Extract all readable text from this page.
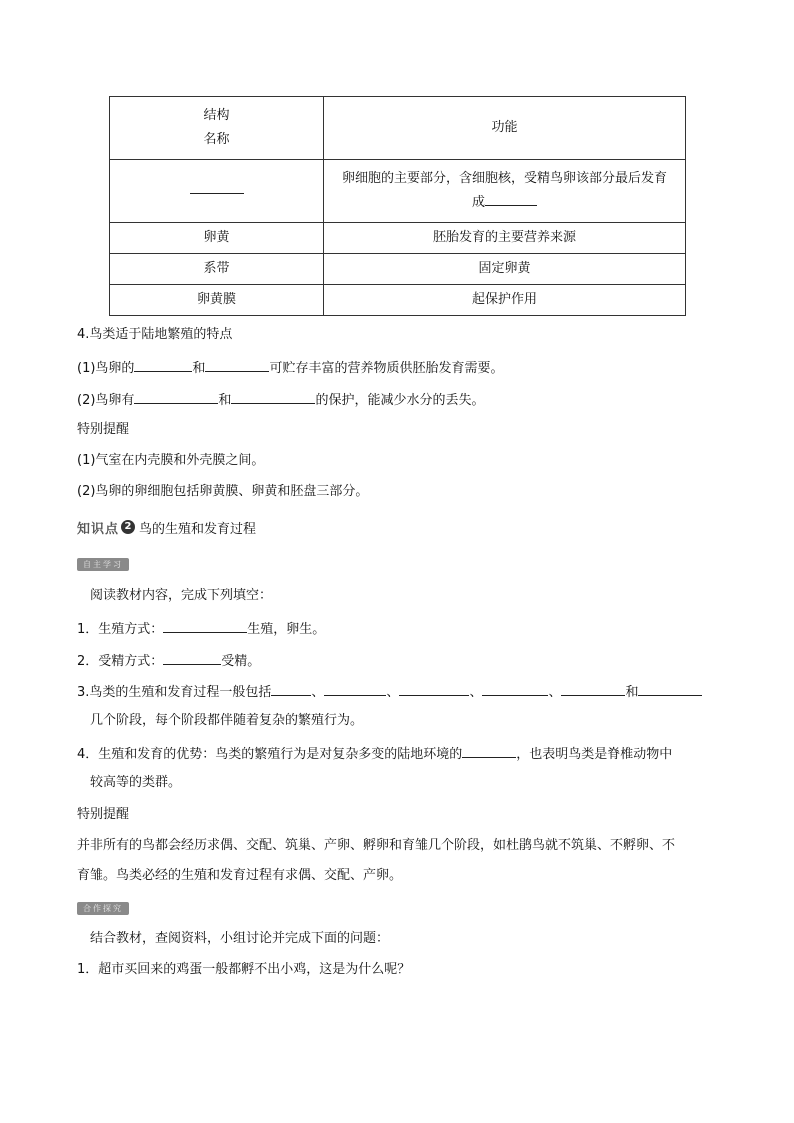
结构
名称	功能

	卵细胞的主要部分，含细胞核，受精鸟卵该部分最后发育
成

卵黄	胚胎发育的主要营养来源
系带	固定卵黄
卵黄膜	起保护作用
4.鸟类适于陆地繁殖的特点
(1)鸟卵的	和	可贮存丰富的营养物质供胚胎发育需要。
(2)鸟卵有	和	的保护，能减少水分的丢失。
特别提醒
(1)气室在内壳膜和外壳膜之间。
(2)鸟卵的卵细胞包括卵黄膜、卵黄和胚盘三部分。
知识点 2 鸟的生殖和发育过程
自主学习
阅读教材内容，完成下列填空：
1．生殖方式：	生殖，卵生。
2．受精方式：	受精。
3.鸟类的生殖和发育过程一般包括	、	、	、	、	和
几个阶段，每个阶段都伴随着复杂的繁殖行为。
4．生殖和发育的优势：鸟类的繁殖行为是对复杂多变的陆地环境的	，也表明鸟类是脊椎动物中
较高等的类群。
特别提醒
并非所有的鸟都会经历求偶、交配、筑巢、产卵、孵卵和育雏几个阶段，如杜鹃鸟就不筑巢、不孵卵、不
育雏。鸟类必经的生殖和发育过程有求偶、交配、产卵。
合作探究
结合教材，查阅资料，小组讨论并完成下面的问题：
1．超市买回来的鸡蛋一般都孵不出小鸡，这是为什么呢？
